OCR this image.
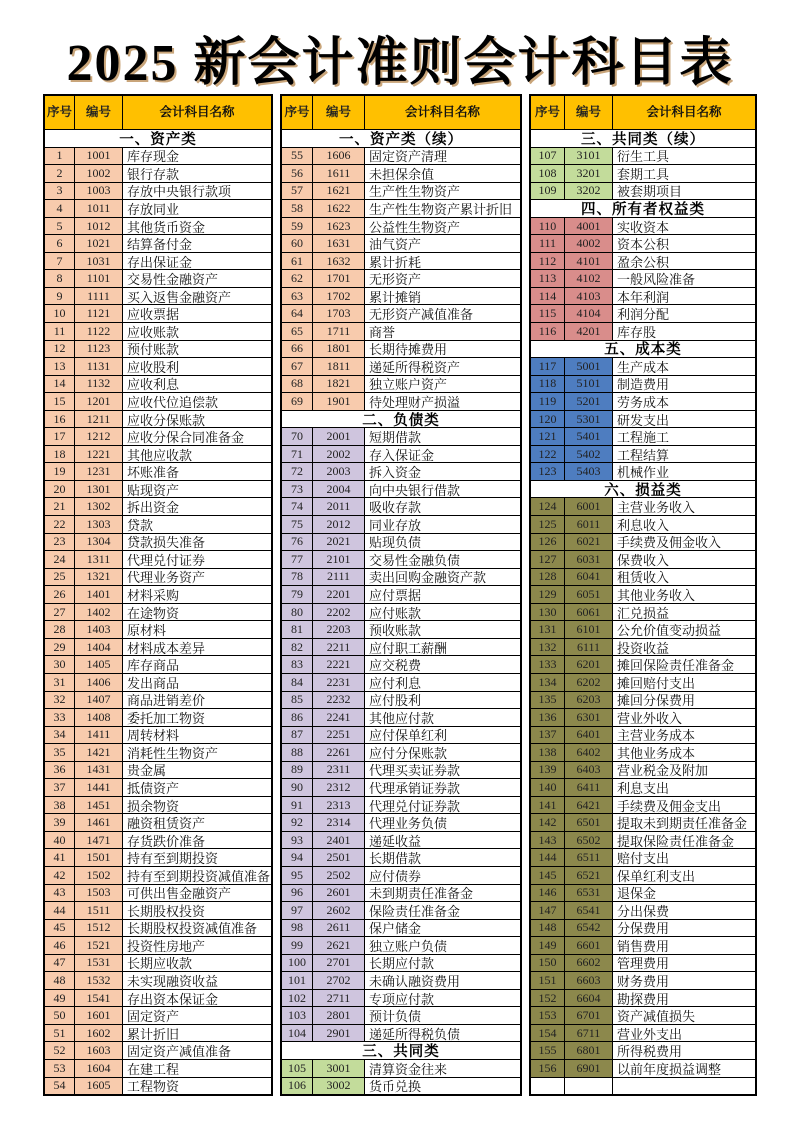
2025 新会计准则会计科目表
序号	编号	会计科目名称
一、资产类
1	1001	库存现金
2	1002	银行存款
3	1003	存放中央银行款项
4	1011	存放同业
5	1012	其他货币资金
6	1021	结算备付金
7	1031	存出保证金
8	1101	交易性金融资产
9	1111	买入返售金融资产
10	1121	应收票据
11	1122	应收账款
12	1123	预付账款
13	1131	应收股利
14	1132	应收利息
15	1201	应收代位追偿款
16	1211	应收分保账款
17	1212	应收分保合同准备金
18	1221	其他应收款
19	1231	坏账准备
20	1301	贴现资产
21	1302	拆出资金
22	1303	贷款
23	1304	贷款损失准备
24	1311	代理兑付证券
25	1321	代理业务资产
26	1401	材料采购
27	1402	在途物资
28	1403	原材料
29	1404	材料成本差异
30	1405	库存商品
31	1406	发出商品
32	1407	商品进销差价
33	1408	委托加工物资
34	1411	周转材料
35	1421	消耗性生物资产
36	1431	贵金属
37	1441	抵债资产
38	1451	损余物资
39	1461	融资租赁资产
40	1471	存货跌价准备
41	1501	持有至到期投资
42	1502	持有至到期投资减值准备
43	1503	可供出售金融资产
44	1511	长期股权投资
45	1512	长期股权投资减值准备
46	1521	投资性房地产
47	1531	长期应收款
48	1532	未实现融资收益
49	1541	存出资本保证金
50	1601	固定资产
51	1602	累计折旧
52	1603	固定资产减值准备
53	1604	在建工程
54	1605	工程物资
序号	编号	会计科目名称
一、资产类（续）
55	1606	固定资产清理
56	1611	未担保余值
57	1621	生产性生物资产
58	1622	生产性生物资产累计折旧
59	1623	公益性生物资产
60	1631	油气资产
61	1632	累计折耗
62	1701	无形资产
63	1702	累计摊销
64	1703	无形资产减值准备
65	1711	商誉
66	1801	长期待摊费用
67	1811	递延所得税资产
68	1821	独立账户资产
69	1901	待处理财产损溢
二、负债类
70	2001	短期借款
71	2002	存入保证金
72	2003	拆入资金
73	2004	向中央银行借款
74	2011	吸收存款
75	2012	同业存放
76	2021	贴现负债
77	2101	交易性金融负债
78	2111	卖出回购金融资产款
79	2201	应付票据
80	2202	应付账款
81	2203	预收账款
82	2211	应付职工薪酬
83	2221	应交税费
84	2231	应付利息
85	2232	应付股利
86	2241	其他应付款
87	2251	应付保单红利
88	2261	应付分保账款
89	2311	代理买卖证券款
90	2312	代理承销证券款
91	2313	代理兑付证券款
92	2314	代理业务负债
93	2401	递延收益
94	2501	长期借款
95	2502	应付债券
96	2601	未到期责任准备金
97	2602	保险责任准备金
98	2611	保户储金
99	2621	独立账户负债
100	2701	长期应付款
101	2702	未确认融资费用
102	2711	专项应付款
103	2801	预计负债
104	2901	递延所得税负债
三、共同类
105	3001	清算资金往来
106	3002	货币兑换
序号	编号	会计科目名称
三、共同类（续）
107	3101	衍生工具
108	3201	套期工具
109	3202	被套期项目
四、所有者权益类
110	4001	实收资本
111	4002	资本公积
112	4101	盈余公积
113	4102	一般风险准备
114	4103	本年利润
115	4104	利润分配
116	4201	库存股
五、成本类
117	5001	生产成本
118	5101	制造费用
119	5201	劳务成本
120	5301	研发支出
121	5401	工程施工
122	5402	工程结算
123	5403	机械作业
六、损益类
124	6001	主营业务收入
125	6011	利息收入
126	6021	手续费及佣金收入
127	6031	保费收入
128	6041	租赁收入
129	6051	其他业务收入
130	6061	汇兑损益
131	6101	公允价值变动损益
132	6111	投资收益
133	6201	摊回保险责任准备金
134	6202	摊回赔付支出
135	6203	摊回分保费用
136	6301	营业外收入
137	6401	主营业务成本
138	6402	其他业务成本
139	6403	营业税金及附加
140	6411	利息支出
141	6421	手续费及佣金支出
142	6501	提取未到期责任准备金
143	6502	提取保险责任准备金
144	6511	赔付支出
145	6521	保单红利支出
146	6531	退保金
147	6541	分出保费
148	6542	分保费用
149	6601	销售费用
150	6602	管理费用
151	6603	财务费用
152	6604	勘探费用
153	6701	资产减值损失
154	6711	营业外支出
155	6801	所得税费用
156	6901	以前年度损益调整
